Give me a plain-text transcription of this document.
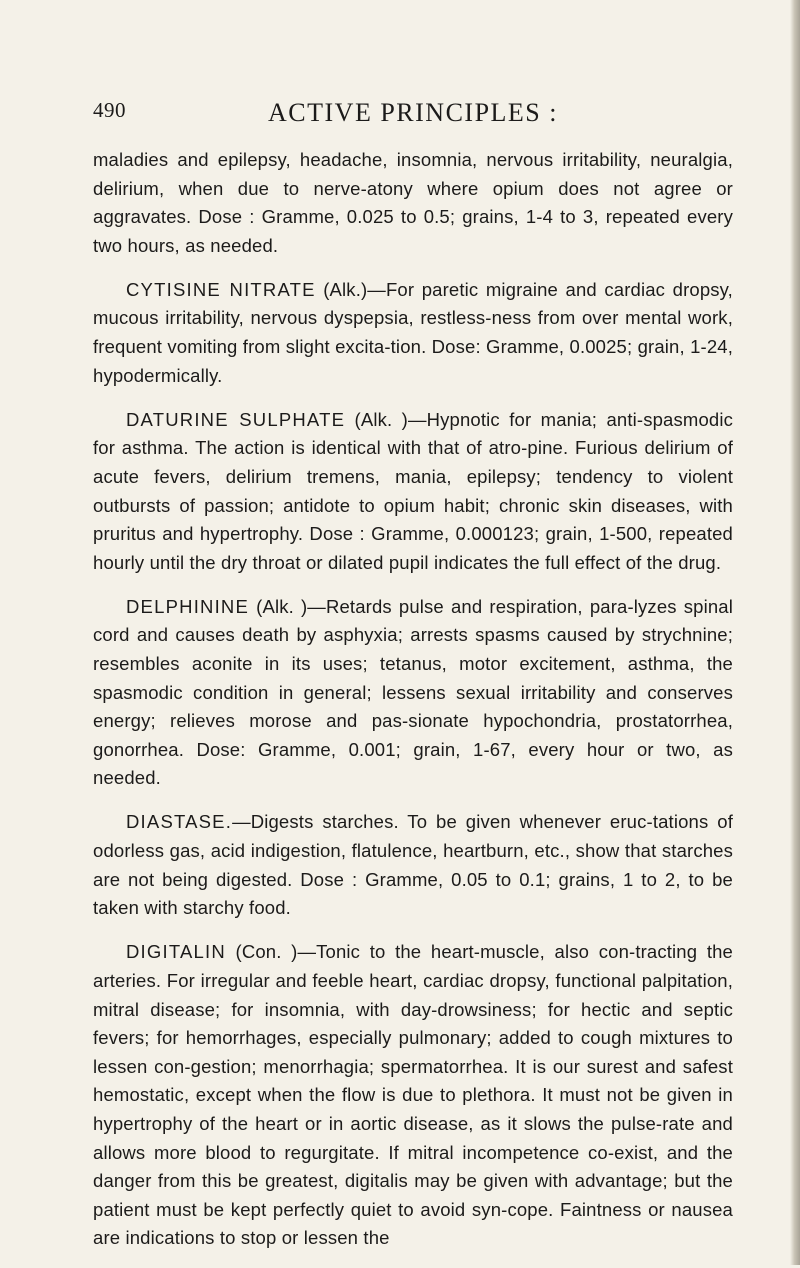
490	ACTIVE PRINCIPLES :

maladies and epilepsy, headache, insomnia, nervous irritability, neuralgia, delirium, when due to nerve-atony where opium does not agree or aggravates. Dose : Gramme, 0.025 to 0.5; grains, 1-4 to 3, repeated every two hours, as needed.

CYTISINE NITRATE (Alk.)—For paretic migraine and cardiac dropsy, mucous irritability, nervous dyspepsia, restless-ness from over mental work, frequent vomiting from slight excita-tion. Dose: Gramme, 0.0025; grain, 1-24, hypodermically.

DATURINE SULPHATE (Alk. )—Hypnotic for mania; anti-spasmodic for asthma. The action is identical with that of atro-pine. Furious delirium of acute fevers, delirium tremens, mania, epilepsy; tendency to violent outbursts of passion; antidote to opium habit; chronic skin diseases, with pruritus and hypertrophy. Dose : Gramme, 0.000123; grain, 1-500, repeated hourly until the dry throat or dilated pupil indicates the full effect of the drug.

DELPHININE (Alk. )—Retards pulse and respiration, para-lyzes spinal cord and causes death by asphyxia; arrests spasms caused by strychnine; resembles aconite in its uses; tetanus, motor excitement, asthma, the spasmodic condition in general; lessens sexual irritability and conserves energy; relieves morose and pas-sionate hypochondria, prostatorrhea, gonorrhea. Dose: Gramme, 0.001; grain, 1-67, every hour or two, as needed.

DIASTASE.—Digests starches. To be given whenever eruc-tations of odorless gas, acid indigestion, flatulence, heartburn, etc., show that starches are not being digested. Dose : Gramme, 0.05 to 0.1; grains, 1 to 2, to be taken with starchy food.

DIGITALIN (Con. )—Tonic to the heart-muscle, also con-tracting the arteries. For irregular and feeble heart, cardiac dropsy, functional palpitation, mitral disease; for insomnia, with day-drowsiness; for hectic and septic fevers; for hemorrhages, especially pulmonary; added to cough mixtures to lessen con-gestion; menorrhagia; spermatorrhea. It is our surest and safest hemostatic, except when the flow is due to plethora. It must not be given in hypertrophy of the heart or in aortic disease, as it slows the pulse-rate and allows more blood to regurgitate. If mitral incompetence co-exist, and the danger from this be greatest, digitalis may be given with advantage; but the patient must be kept perfectly quiet to avoid syn-cope. Faintness or nausea are indications to stop or lessen the
